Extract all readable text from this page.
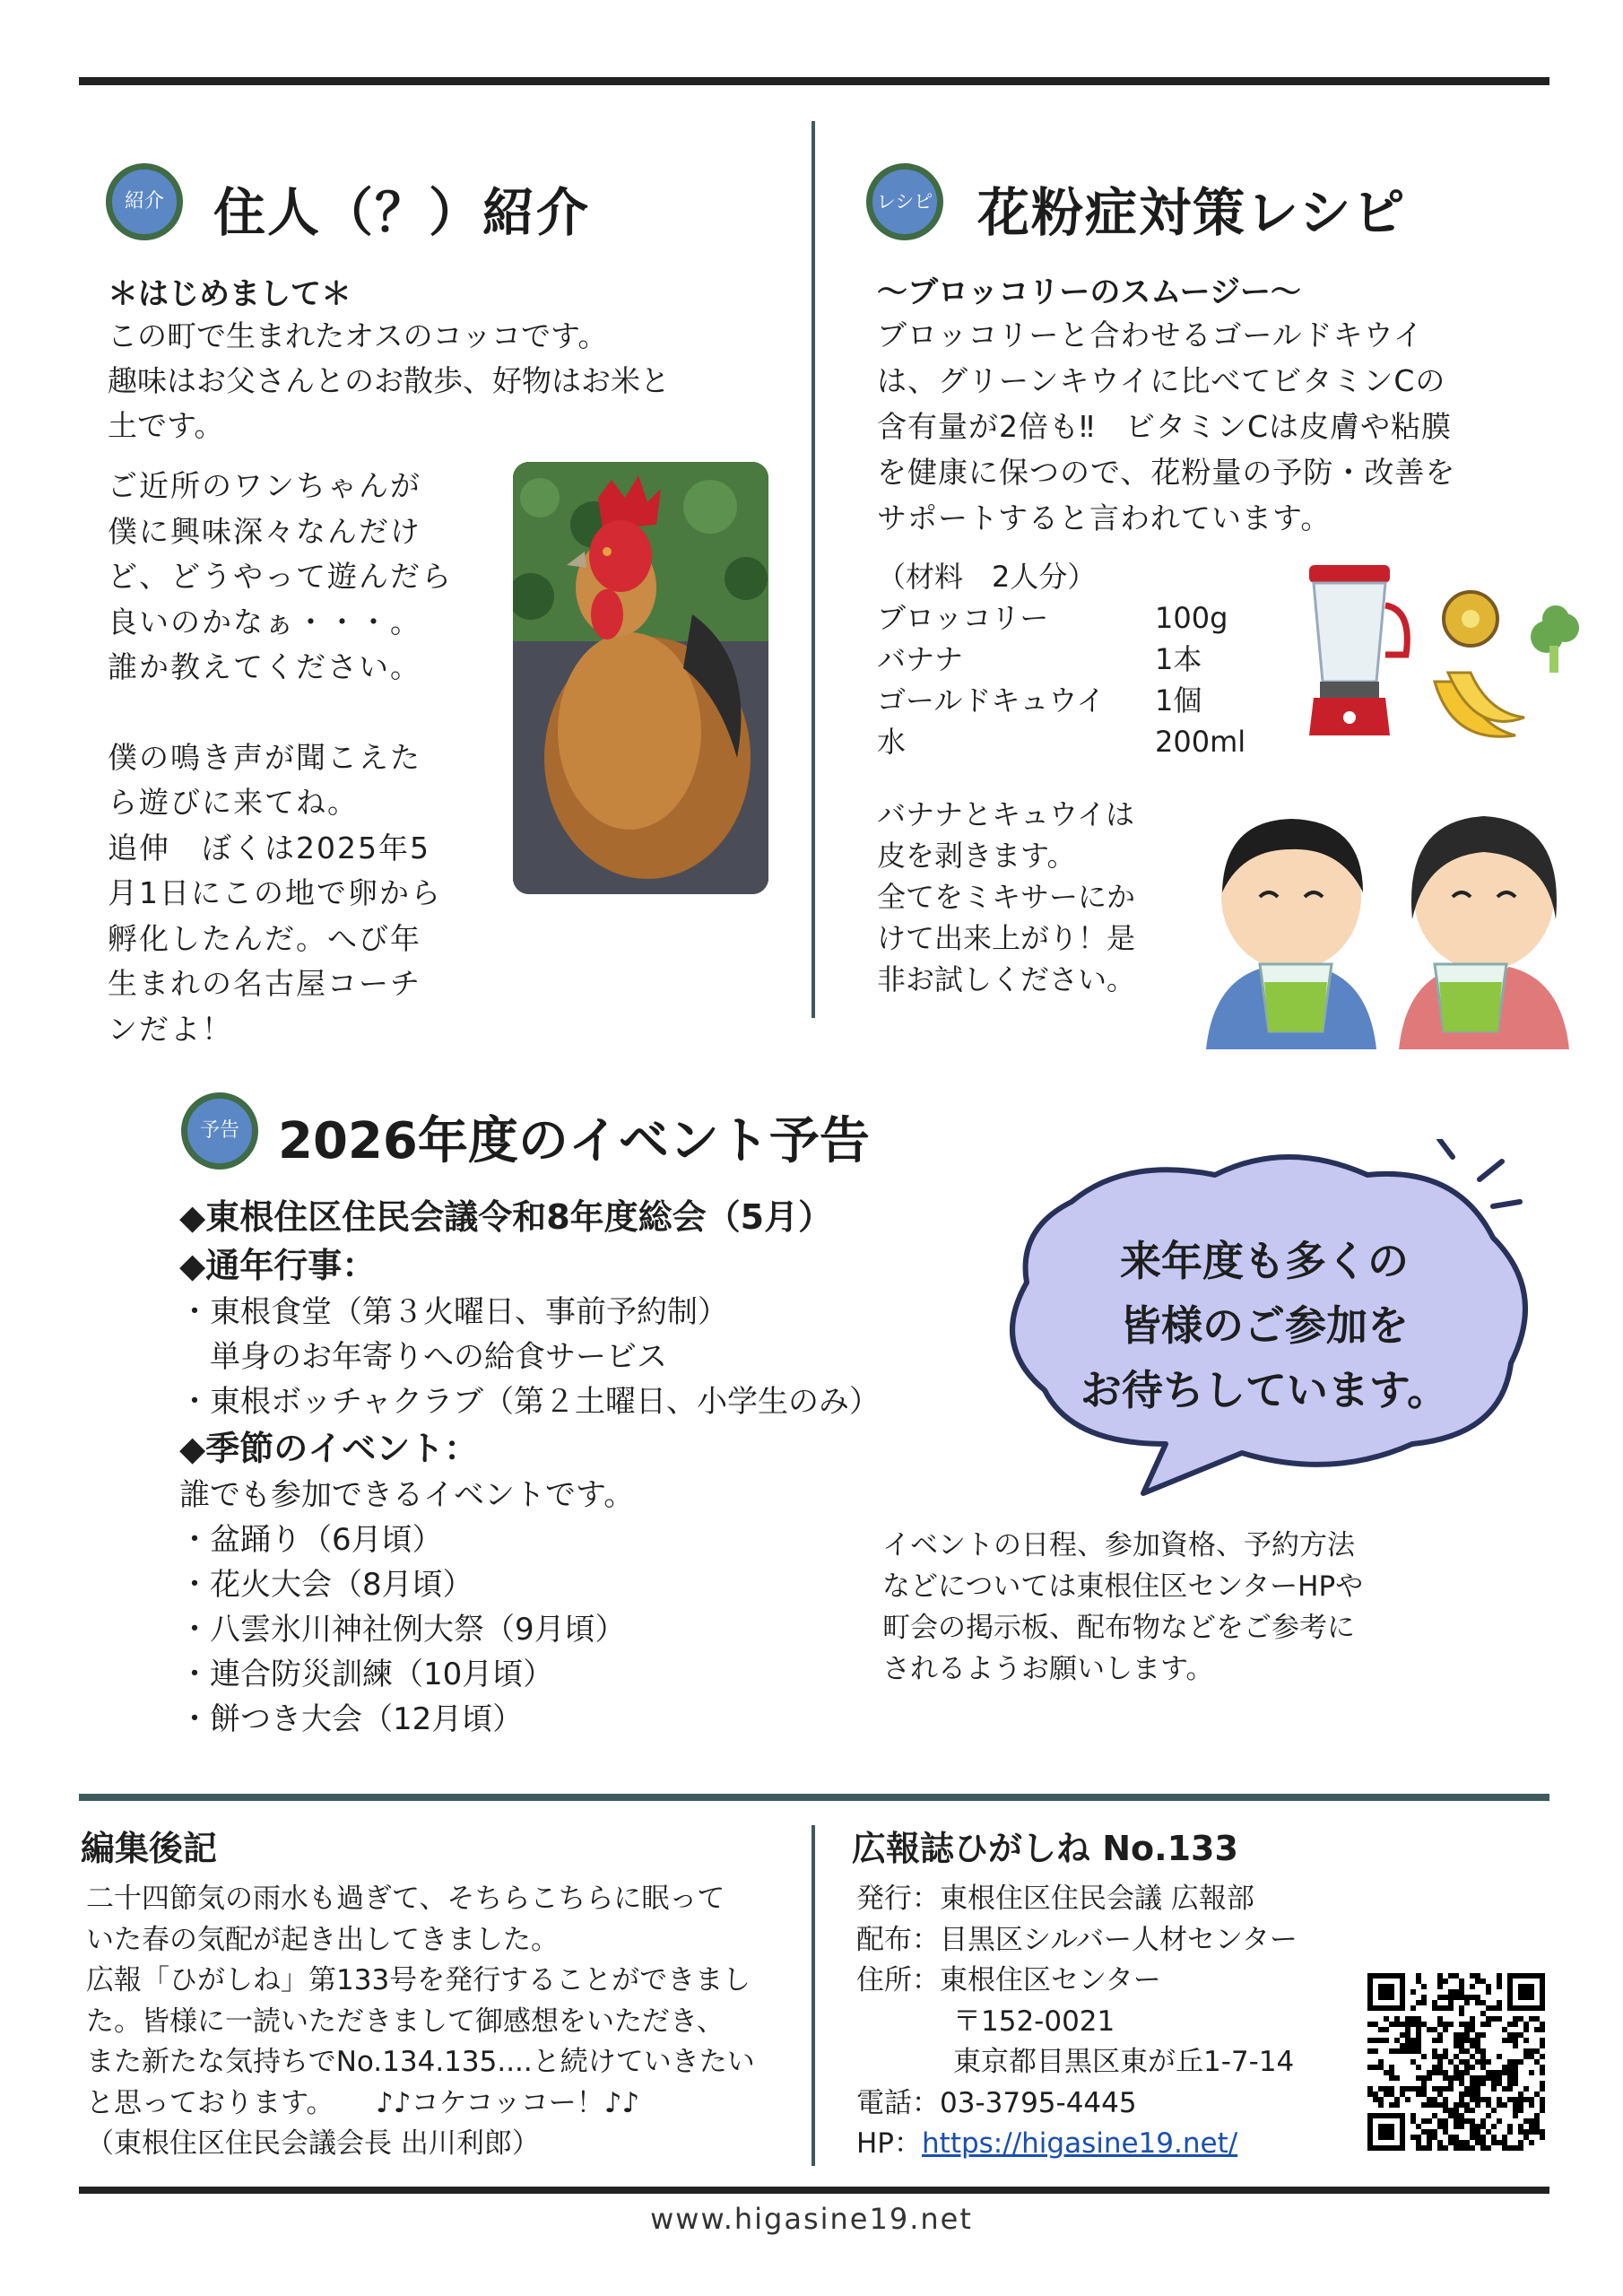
紹介 住人（？）紹介
＊はじめまして＊
この町で生まれたオスのコッコです。
趣味はお父さんとのお散歩、好物はお米と
土です。
ご近所のワンちゃんが
僕に興味深々なんだけ
ど、どうやって遊んだら
良いのかなぁ・・・。
誰か教えてください。
僕の鳴き声が聞こえた
ら遊びに来てね。
追伸　ぼくは2025年5
月1日にこの地で卵から
孵化したんだ。へび年
生まれの名古屋コーチ
ンだよ！
レシピ 花粉症対策レシピ
～ブロッコリーのスムージー～
ブロッコリーと合わせるゴールドキウイ
は、グリーンキウイに比べてビタミンCの
含有量が2倍も‼　ビタミンCは皮膚や粘膜
を健康に保つので、花粉量の予防・改善を
サポートすると言われています。
（材料　2人分）
ブロッコリー	100g
バナナ	1本
ゴールドキュウイ	1個
水	200ml
バナナとキュウイは
皮を剥きます。
全てをミキサーにか
けて出来上がり！是
非お試しください。
予告 2026年度のイベント予告
◆東根住区住民会議令和8年度総会（5月）
◆通年行事：
・東根食堂（第３火曜日、事前予約制）
　単身のお年寄りへの給食サービス
・東根ボッチャクラブ（第２土曜日、小学生のみ）
◆季節のイベント：
誰でも参加できるイベントです。
・盆踊り（6月頃）
・花火大会（8月頃）
・八雲氷川神社例大祭（9月頃）
・連合防災訓練（10月頃）
・餅つき大会（12月頃）
来年度も多くの
皆様のご参加を
お待ちしています。
イベントの日程、参加資格、予約方法
などについては東根住区センターHPや
町会の掲示板、配布物などをご参考に
されるようお願いします。
編集後記
二十四節気の雨水も過ぎて、そちらこちらに眠って
いた春の気配が起き出してきました。
広報「ひがしね」第133号を発行することができまし
た。皆様に一読いただきまして御感想をいただき、
また新たな気持ちでNo.134.135....と続けていきたい
と思っております。　　♪♪コケコッコー！♪♪
（東根住区住民会議会長 出川利郎）
広報誌ひがしね No.133
発行：東根住区住民会議 広報部
配布：目黒区シルバー人材センター
住所：東根住区センター
〒152-0021
東京都目黒区東が丘1-7-14
電話：03-3795-4445
HP：https://higasine19.net/
www.higasine19.net
